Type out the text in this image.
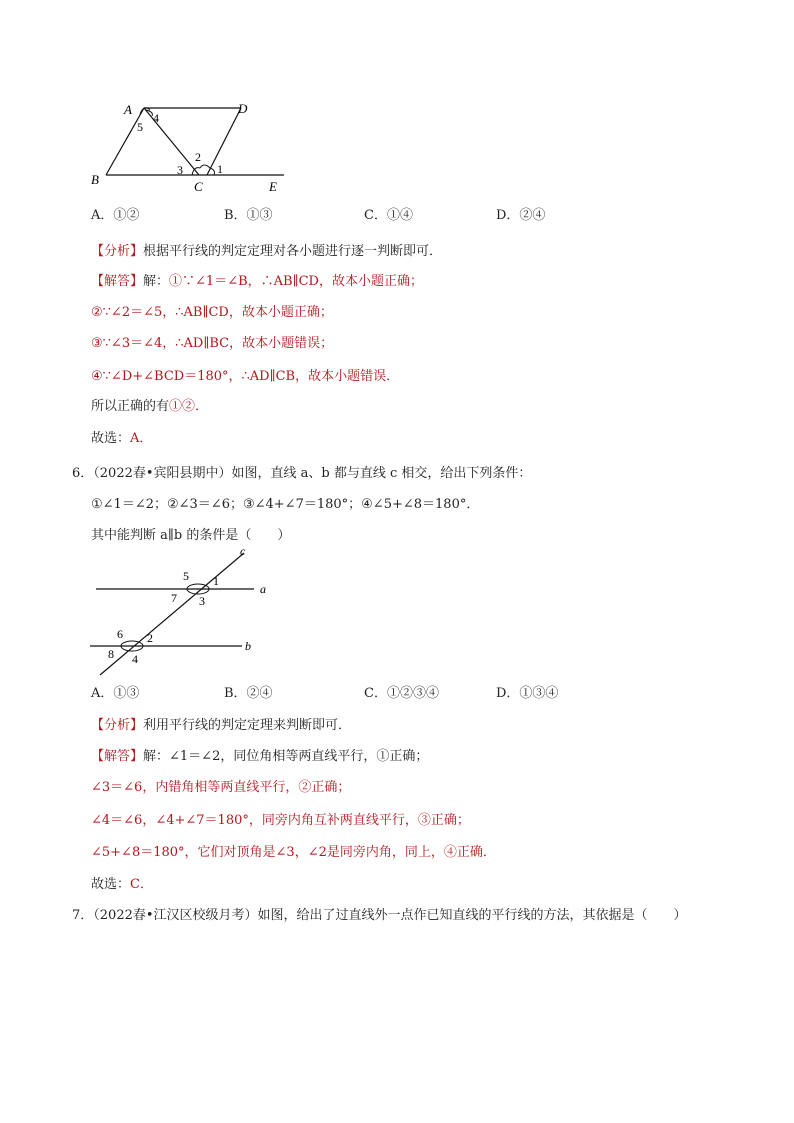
A	D
B	C	E
4
5
3
2
1
A．①②	B．①③	C．①④	D．②④
【分析】根据平行线的判定定理对各小题进行逐一判断即可．
【解答】解：①∵∠1＝∠B，∴AB∥CD，故本小题正确；
②∵∠2＝∠5，∴AB∥CD，故本小题正确；
③∵∠3＝∠4，∴AD∥BC，故本小题错误；
④∵∠D+∠BCD＝180°，∴AD∥CB，故本小题错误．
所以正确的有①②．
故选：A．
6．（2022春•宾阳县期中）如图，直线 a、b 都与直线 c 相交，给出下列条件：
①∠1＝∠2；②∠3＝∠6；③∠4+∠7＝180°；④∠5+∠8＝180°．
其中能判断 a∥b 的条件是（　　）
c
a
b
5 1
7 3
6 2
8 4
A．①③	B．②④	C．①②③④	D．①③④
【分析】利用平行线的判定定理来判断即可．
【解答】解：∠1＝∠2，同位角相等两直线平行，①正确；
∠3＝∠6，内错角相等两直线平行，②正确；
∠4＝∠6，∠4+∠7＝180°，同旁内角互补两直线平行，③正确；
∠5+∠8＝180°，它们对顶角是∠3，∠2是同旁内角，同上，④正确．
故选：C．
7．（2022春•江汉区校级月考）如图，给出了过直线外一点作已知直线的平行线的方法，其依据是（　　）
